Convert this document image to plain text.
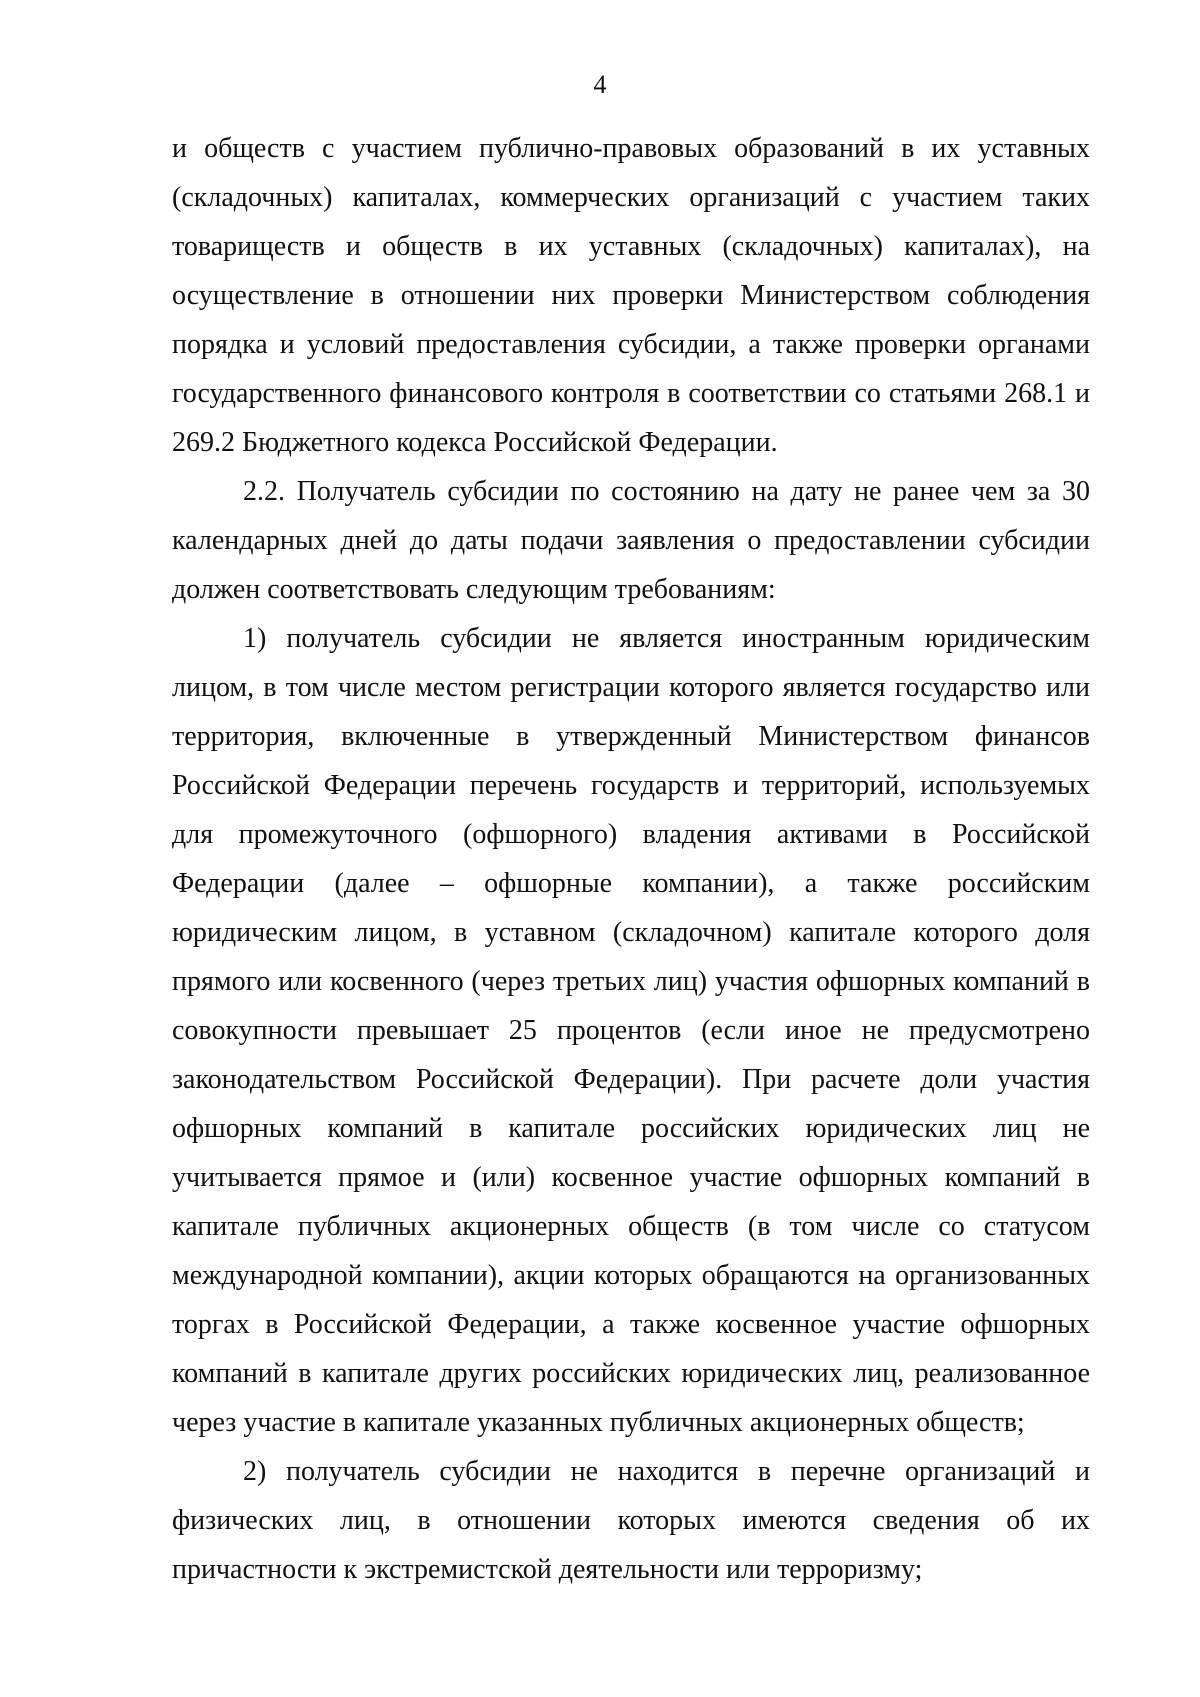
4

и обществ с участием публично-правовых образований в их уставных (складочных) капиталах, коммерческих организаций с участием таких товариществ и обществ в их уставных (складочных) капиталах), на осуществление в отношении них проверки Министерством соблюдения порядка и условий предоставления субсидии, а также проверки органами государственного финансового контроля в соответствии со статьями 268.1 и 269.2 Бюджетного кодекса Российской Федерации.

2.2. Получатель субсидии по состоянию на дату не ранее чем за 30 календарных дней до даты подачи заявления о предоставлении субсидии должен соответствовать следующим требованиям:

1) получатель субсидии не является иностранным юридическим лицом, в том числе местом регистрации которого является государство или территория, включенные в утвержденный Министерством финансов Российской Федерации перечень государств и территорий, используемых для промежуточного (офшорного) владения активами в Российской Федерации (далее – офшорные компании), а также российским юридическим лицом, в уставном (складочном) капитале которого доля прямого или косвенного (через третьих лиц) участия офшорных компаний в совокупности превышает 25 процентов (если иное не предусмотрено законодательством Российской Федерации). При расчете доли участия офшорных компаний в капитале российских юридических лиц не учитывается прямое и (или) косвенное участие офшорных компаний в капитале публичных акционерных обществ (в том числе со статусом международной компании), акции которых обращаются на организованных торгах в Российской Федерации, а также косвенное участие офшорных компаний в капитале других российских юридических лиц, реализованное через участие в капитале указанных публичных акционерных обществ;

2) получатель субсидии не находится в перечне организаций и физических лиц, в отношении которых имеются сведения об их причастности к экстремистской деятельности или терроризму;
